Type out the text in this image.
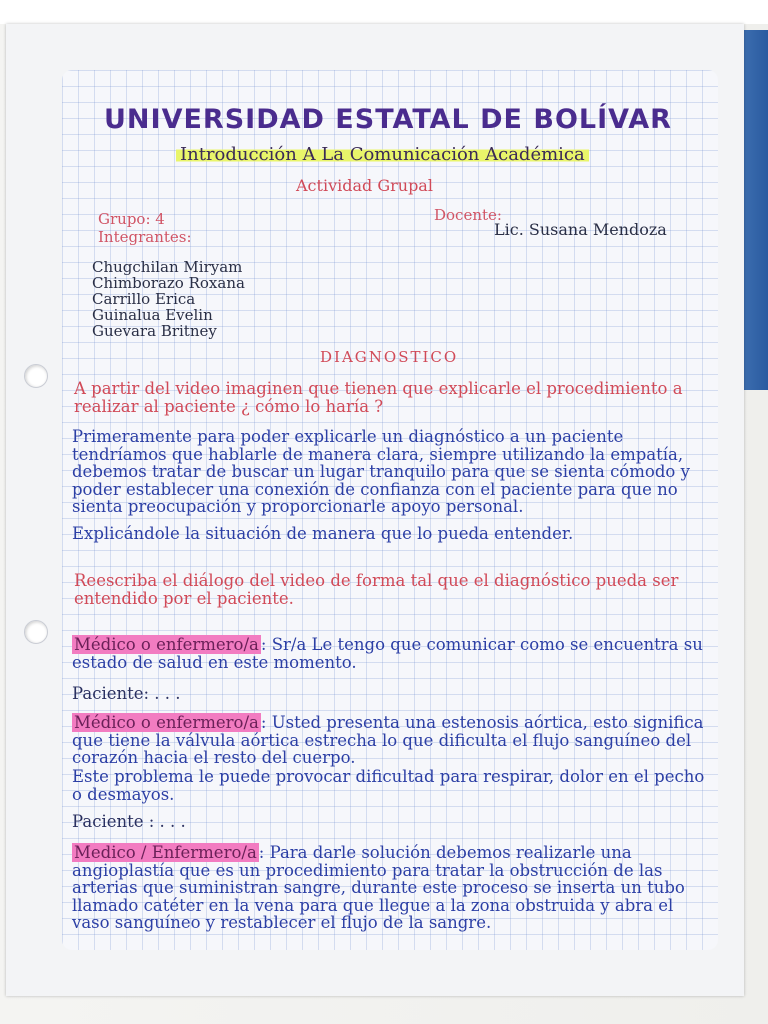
UNIVERSIDAD ESTATAL DE BOLÍVAR
Introducción A La Comunicación Académica
Actividad Grupal
Grupo: 4
Integrantes:
Docente:
Lic. Susana Mendoza
Chugchilan Miryam
Chimborazo Roxana
Carrillo Erica
Guinalua Evelin
Guevara Britney
DIAGNOSTICO
A partir del video imaginen que tienen que explicarle el procedimiento a realizar al paciente ¿ cómo lo haría ?
Primeramente para poder explicarle un diagnóstico a un paciente tendríamos que hablarle de manera clara, siempre utilizando la empatía, debemos tratar de buscar un lugar tranquilo para que se sienta cómodo y poder establecer una conexión de confianza con el paciente para que no sienta preocupación y proporcionarle apoyo personal.
Explicándole la situación de manera que lo pueda entender.
Reescriba el diálogo del video de forma tal que el diagnóstico pueda ser entendido por el paciente.
Médico o enfermero/a : Sr/a Le tengo que comunicar como se encuentra su estado de salud en este momento.
Paciente: . . .
Médico o enfermero/a : Usted presenta una estenosis aórtica, esto significa que tiene la válvula aórtica estrecha lo que dificulta el flujo sanguíneo del corazón hacia el resto del cuerpo.
Este problema le puede provocar dificultad para respirar, dolor en el pecho o desmayos.
Paciente : . . .
Medico / Enfermero/a : Para darle solución debemos realizarle una angioplastía que es un procedimiento para tratar la obstrucción de las arterias que suministran sangre, durante este proceso se inserta un tubo llamado catéter en la vena para que llegue a la zona obstruida y abra el vaso sanguíneo y restablecer el flujo de la sangre.
